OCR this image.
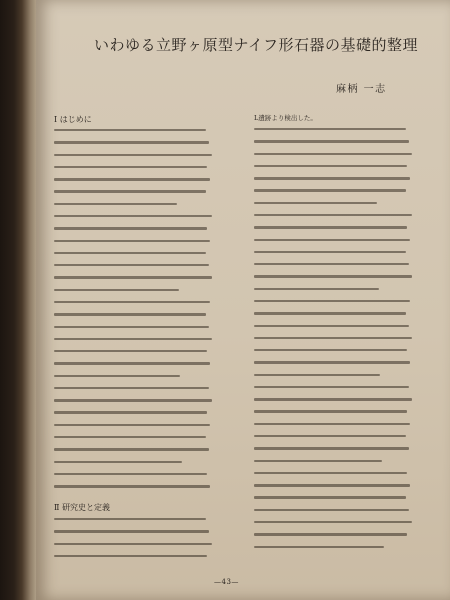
いわゆる立野ヶ原型ナイフ形石器の基礎的整理
麻柄 一志
Ⅰ はじめに
Ⅱ 研究史と定義
L遺跡より検出した。
—43—
